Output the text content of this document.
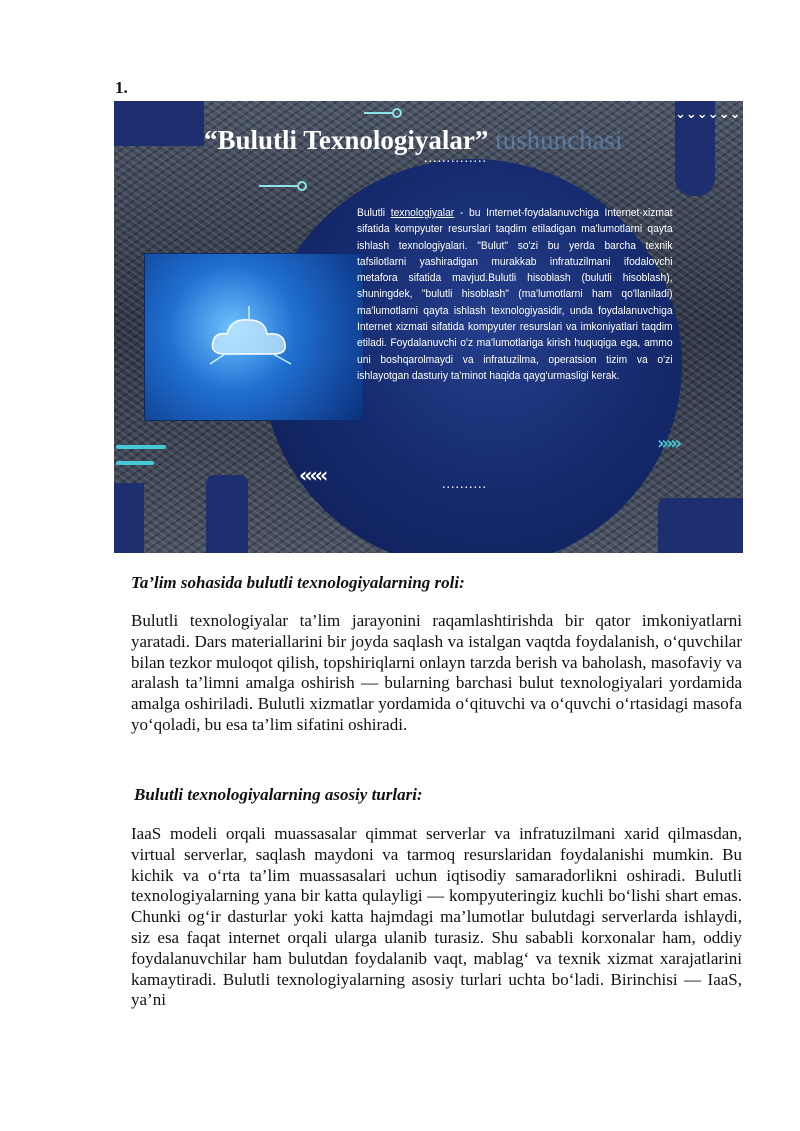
1.
⌄⌄⌄⌄⌄⌄
“Bulutli Texnologiyalar” tushunchasi
..............
Bulutli texnologiyalar - bu Internet-foydalanuvchiga Internet-xizmat sifatida kompyuter resurslari taqdim etiladigan ma'lumotlarni qayta ishlash texnologiyalari. "Bulut" so'zi bu yerda barcha texnik tafsilotlarni yashiradigan murakkab infratuzilmani ifodalovchi metafora sifatida mavjud.Bulutli hisoblash (bulutli hisoblash), shuningdek, "bulutli hisoblash" (ma'lumotlarni ham qo'llaniladi) ma'lumotlarni qayta ishlash texnologiyasidir, unda foydalanuvchiga Internet xizmati sifatida kompyuter resurslari va imkoniyatlari taqdim etiladi. Foydalanuvchi o'z ma'lumotlariga kirish huquqiga ega, ammo uni boshqarolmaydi va infratuzilma, operatsion tizim va o'zi ishlayotgan dasturiy ta'minot haqida qayg'urmasligi kerak.
›››››
‹‹‹‹‹	..........
Ta’lim sohasida bulutli texnologiyalarning roli:

Bulutli texnologiyalar ta’lim jarayonini raqamlashtirishda bir qator imkoniyatlarni yaratadi. Dars materiallarini bir joyda saqlash va istalgan vaqtda foydalanish, o‘quvchilar bilan tezkor muloqot qilish, topshiriqlarni onlayn tarzda berish va baholash, masofaviy va aralash ta’limni amalga oshirish — bularning barchasi bulut texnologiyalari yordamida amalga oshiriladi. Bulutli xizmatlar yordamida o‘qituvchi va o‘quvchi o‘rtasidagi masofa yo‘qoladi, bu esa ta’lim sifatini oshiradi.

Bulutli texnologiyalarning asosiy turlari:

IaaS modeli orqali muassasalar qimmat serverlar va infratuzilmani xarid qilmasdan, virtual serverlar, saqlash maydoni va tarmoq resurslaridan foydalanishi mumkin. Bu kichik va o‘rta ta’lim muassasalari uchun iqtisodiy samaradorlikni oshiradi. Bulutli texnologiyalarning yana bir katta qulayligi — kompyuteringiz kuchli bo‘lishi shart emas. Chunki og‘ir dasturlar yoki katta hajmdagi ma’lumotlar bulutdagi serverlarda ishlaydi, siz esa faqat internet orqali ularga ulanib turasiz. Shu sababli korxonalar ham, oddiy foydalanuvchilar ham bulutdan foydalanib vaqt, mablag‘ va texnik xizmat xarajatlarini kamaytiradi. Bulutli texnologiyalarning asosiy turlari uchta bo‘ladi. Birinchisi — IaaS, ya’ni
